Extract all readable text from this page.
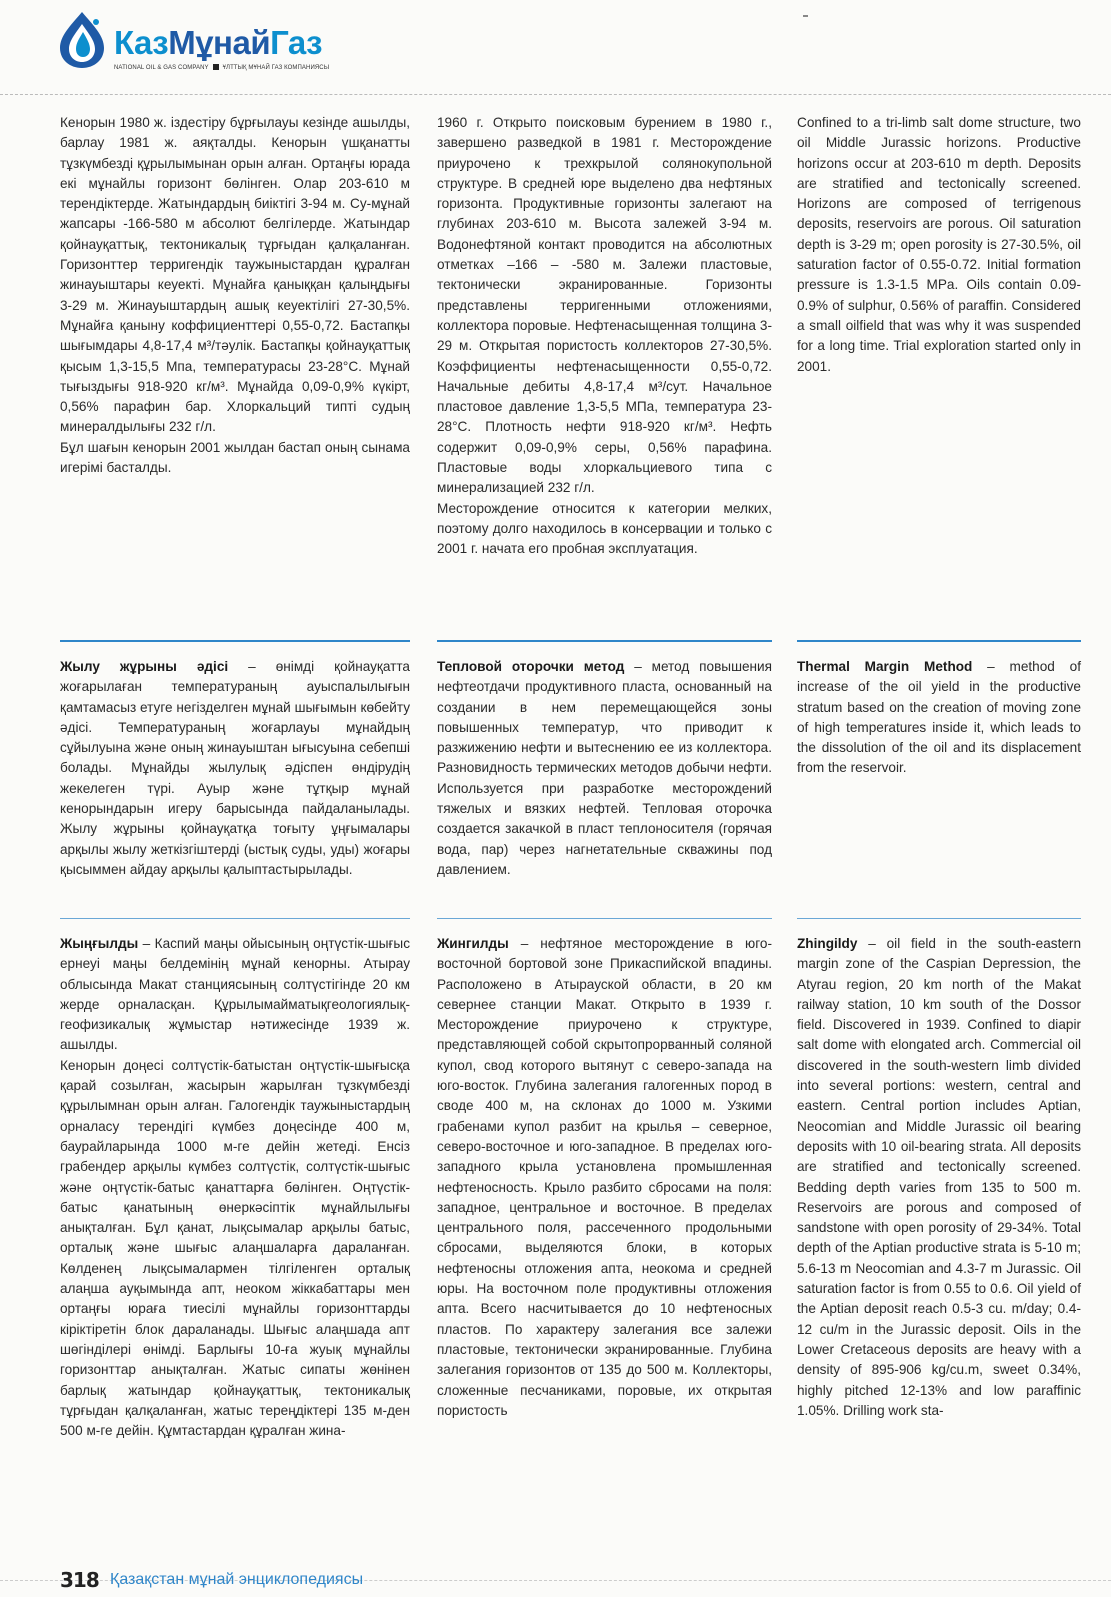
КазМұнайГаз
NATIONAL OIL & GAS COMPANY ҰЛТТЫҚ МҰНАЙ ГАЗ КОМПАНИЯСЫ

Кенорын 1980 ж. іздестіру бұрғылауы кезінде ашылды, барлау 1981 ж. аяқталды. Кенорын үшқанатты тұзкүмбезді құрылымынан орын алған. Ортаңғы юрада екі мұнайлы горизонт бөлінген. Олар 203-610 м терендіктерде. Жатындардың биіктігі 3-94 м. Су-мұнай жапсары -166-580 м абсолют белгілерде. Жатындар қойнауқаттық, тектоникалық тұрғыдан қалқаланған. Горизонттер терригендік таужыныстардан құралған жинауыштары кеуекті. Мұнайға қаныққан қалыңдығы 3-29 м. Жинауыштардың ашық кеуектілігі 27-30,5%. Мұнайға қаныну коффициенттері 0,55-0,72. Бастапқы шығымдары 4,8-17,4 м³/тәулік. Бастапқы қойнауқаттық қысым 1,3-15,5 Мпа, температурасы 23-28°С. Мұнай тығыздығы 918-920 кг/м³. Мұнайда 0,09-0,9% күкірт, 0,56% парафин бар. Хлоркальций типті судың минералдылығы 232 г/л.

Бұл шағын кенорын 2001 жылдан бастап оның сынама игерімі басталды.

1960 г. Открыто поисковым бурением в 1980 г., завершено разведкой в 1981 г. Месторождение приурочено к трехкрылой солянокупольной структуре. В средней юре выделено два нефтяных горизонта. Продуктивные горизонты залегают на глубинах 203-610 м. Высота залежей 3-94 м. Водонефтяной контакт проводится на абсолютных отметках –166 – -580 м. Залежи пластовые, тектонически экранированные. Горизонты представлены терригенными отложениями, коллектора поровые. Нефтенасыщенная толщина 3-29 м. Открытая пористость коллекторов 27-30,5%. Коэффициенты нефтенасыщенности 0,55-0,72. Начальные дебиты 4,8-17,4 м³/сут. Начальное пластовое давление 1,3-5,5 МПа, температура 23-28°С. Плотность нефти 918-920 кг/м³. Нефть содержит 0,09-0,9% серы, 0,56% парафина. Пластовые воды хлоркальциевого типа с минерализацией 232 г/л.

Месторождение относится к категории мелких, поэтому долго находилось в консервации и только с 2001 г. начата его пробная эксплуатация.

Confined to a tri-limb salt dome structure, two oil Middle Jurassic horizons. Productive horizons occur at 203-610 m depth. Deposits are stratified and tectonically screened. Horizons are composed of terrigenous deposits, reservoirs are porous. Oil saturation depth is 3-29 m; open porosity is 27-30.5%, oil saturation factor of 0.55-0.72. Initial formation pressure is 1.3-1.5 MPa. Oils contain 0.09-0.9% of sulphur, 0.56% of paraffin. Considered a small oilfield that was why it was suspended for a long time. Trial exploration started only in 2001.

Жылу жұрыны әдісі – өнімді қойнауқатта жоғарылаған температураның ауыспалылығын қамтамасыз етуге негізделген мұнай шығымын көбейту әдісі. Температураның жоғарлауы мұнайдың сұйылуына және оның жинауыштан ығысуына себепші болады. Мұнайды жылулық әдіспен өндірудің жекелеген түрі. Ауыр және тұтқыр мұнай кенорындарын игеру барысында пайдаланылады. Жылу жұрыны қойнауқатқа тоғыту ұңғымалары арқылы жылу жеткізгіштерді (ыстық суды, уды) жоғары қысыммен айдау арқылы қалыптастырылады.

Тепловой оторочки метод – метод повышения нефтеотдачи продуктивного пласта, основанный на создании в нем перемещающейся зоны повышенных температур, что приводит к разжижению нефти и вытеснению ее из коллектора. Разновидность термических методов добычи нефти. Используется при разработке месторождений тяжелых и вязких нефтей. Тепловая оторочка создается закачкой в пласт теплоносителя (горячая вода, пар) через нагнетательные скважины под давлением.

Thermal Margin Method – method of increase of the oil yield in the productive stratum based on the creation of moving zone of high temperatures inside it, which leads to the dissolution of the oil and its displacement from the reservoir.

Жыңғылды – Каспий маңы ойысының оңтүстік-шығыс ернеуі маңы белдемінің мұнай кенорны. Атырау облысында Макат станциясының солтүстігінде 20 км жерде орналасқан. Құрылымайматықгеологиялық-геофизикалық жұмыстар нәтижесінде 1939 ж. ашылды.

Кенорын доңесі солтүстік-батыстан оңтүстік-шығысқа қарай созылған, жасырын жарылған тұзкүмбезді құрылымнан орын алған. Галогендік таужыныстардың орналасу терендігі күмбез доңесінде 400 м, баурайларында 1000 м-ге дейін жетеді. Енсіз грабендер арқылы күмбез солтүстік, солтүстік-шығыс және оңтүстік-батыс қанаттарға бөлінген. Оңтүстік-батыс қанатының өнеркәсіптік мұнайлылығы анықталған. Бұл қанат, лықсымалар арқылы батыс, орталық және шығыс алаңшаларға дараланған. Көлденең лықсымалармен тілгіленген орталық алаңша ауқымында апт, неоком жіккабаттары мен ортаңғы юраға тиесілі мұнайлы горизонттарды кіріктіретін блок дараланады. Шығыс алаңшада апт шөгінділері өнімді. Барлығы 10-ға жуық мұнайлы горизонттар анықталған. Жатыс сипаты жөнінен барлық жатындар қойнауқаттық, тектоникалық тұрғыдан қалқаланған, жатыс тереңдіктері 135 м-ден 500 м-ге дейін. Құмтастардан құралған жина-

Жингилды – нефтяное месторождение в юго-восточной бортовой зоне Прикаспийской впадины. Расположено в Атырауской области, в 20 км севернее станции Макат. Открыто в 1939 г. Месторождение приурочено к структуре, представляющей собой скрытопрорванный соляной купол, свод которого вытянут с северо-запада на юго-восток. Глубина залегания галогенных пород в своде 400 м, на склонах до 1000 м. Узкими грабенами купол разбит на крылья – северное, северо-восточное и юго-западное. В пределах юго-западного крыла установлена промышленная нефтеносность. Крыло разбито сбросами на поля: западное, центральное и восточное. В пределах центрального поля, рассеченного продольными сбросами, выделяются блоки, в которых нефтеносны отложения апта, неокома и средней юры. На восточном поле продуктивны отложения апта. Всего насчитывается до 10 нефтеносных пластов. По характеру залегания все залежи пластовые, тектонически экранированные. Глубина залегания горизонтов от 135 до 500 м. Коллекторы, сложенные песчаниками, поровые, их открытая пористость

Zhingildy – oil field in the south-eastern margin zone of the Caspian Depression, the Atyrau region, 20 km north of the Makat railway station, 10 km south of the Dossor field. Discovered in 1939. Confined to diapir salt dome with elongated arch. Commercial oil discovered in the south-western limb divided into several portions: western, central and eastern. Central portion includes Aptian, Neocomian and Middle Jurassic oil bearing deposits with 10 oil-bearing strata. All deposits are stratified and tectonically screened. Bedding depth varies from 135 to 500 m. Reservoirs are porous and composed of sandstone with open porosity of 29-34%. Total depth of the Aptian productive strata is 5-10 m; 5.6-13 m Neocomian and 4.3-7 m Jurassic. Oil saturation factor is from 0.55 to 0.6. Oil yield of the Aptian deposit reach 0.5-3 cu. m/day; 0.4-12 cu/m in the Jurassic deposit. Oils in the Lower Cretaceous deposits are heavy with a density of 895-906 kg/cu.m, sweet 0.34%, highly pitched 12-13% and low paraffinic 1.05%. Drilling work sta-

318 Қазақстан мұнай энциклопедиясы
